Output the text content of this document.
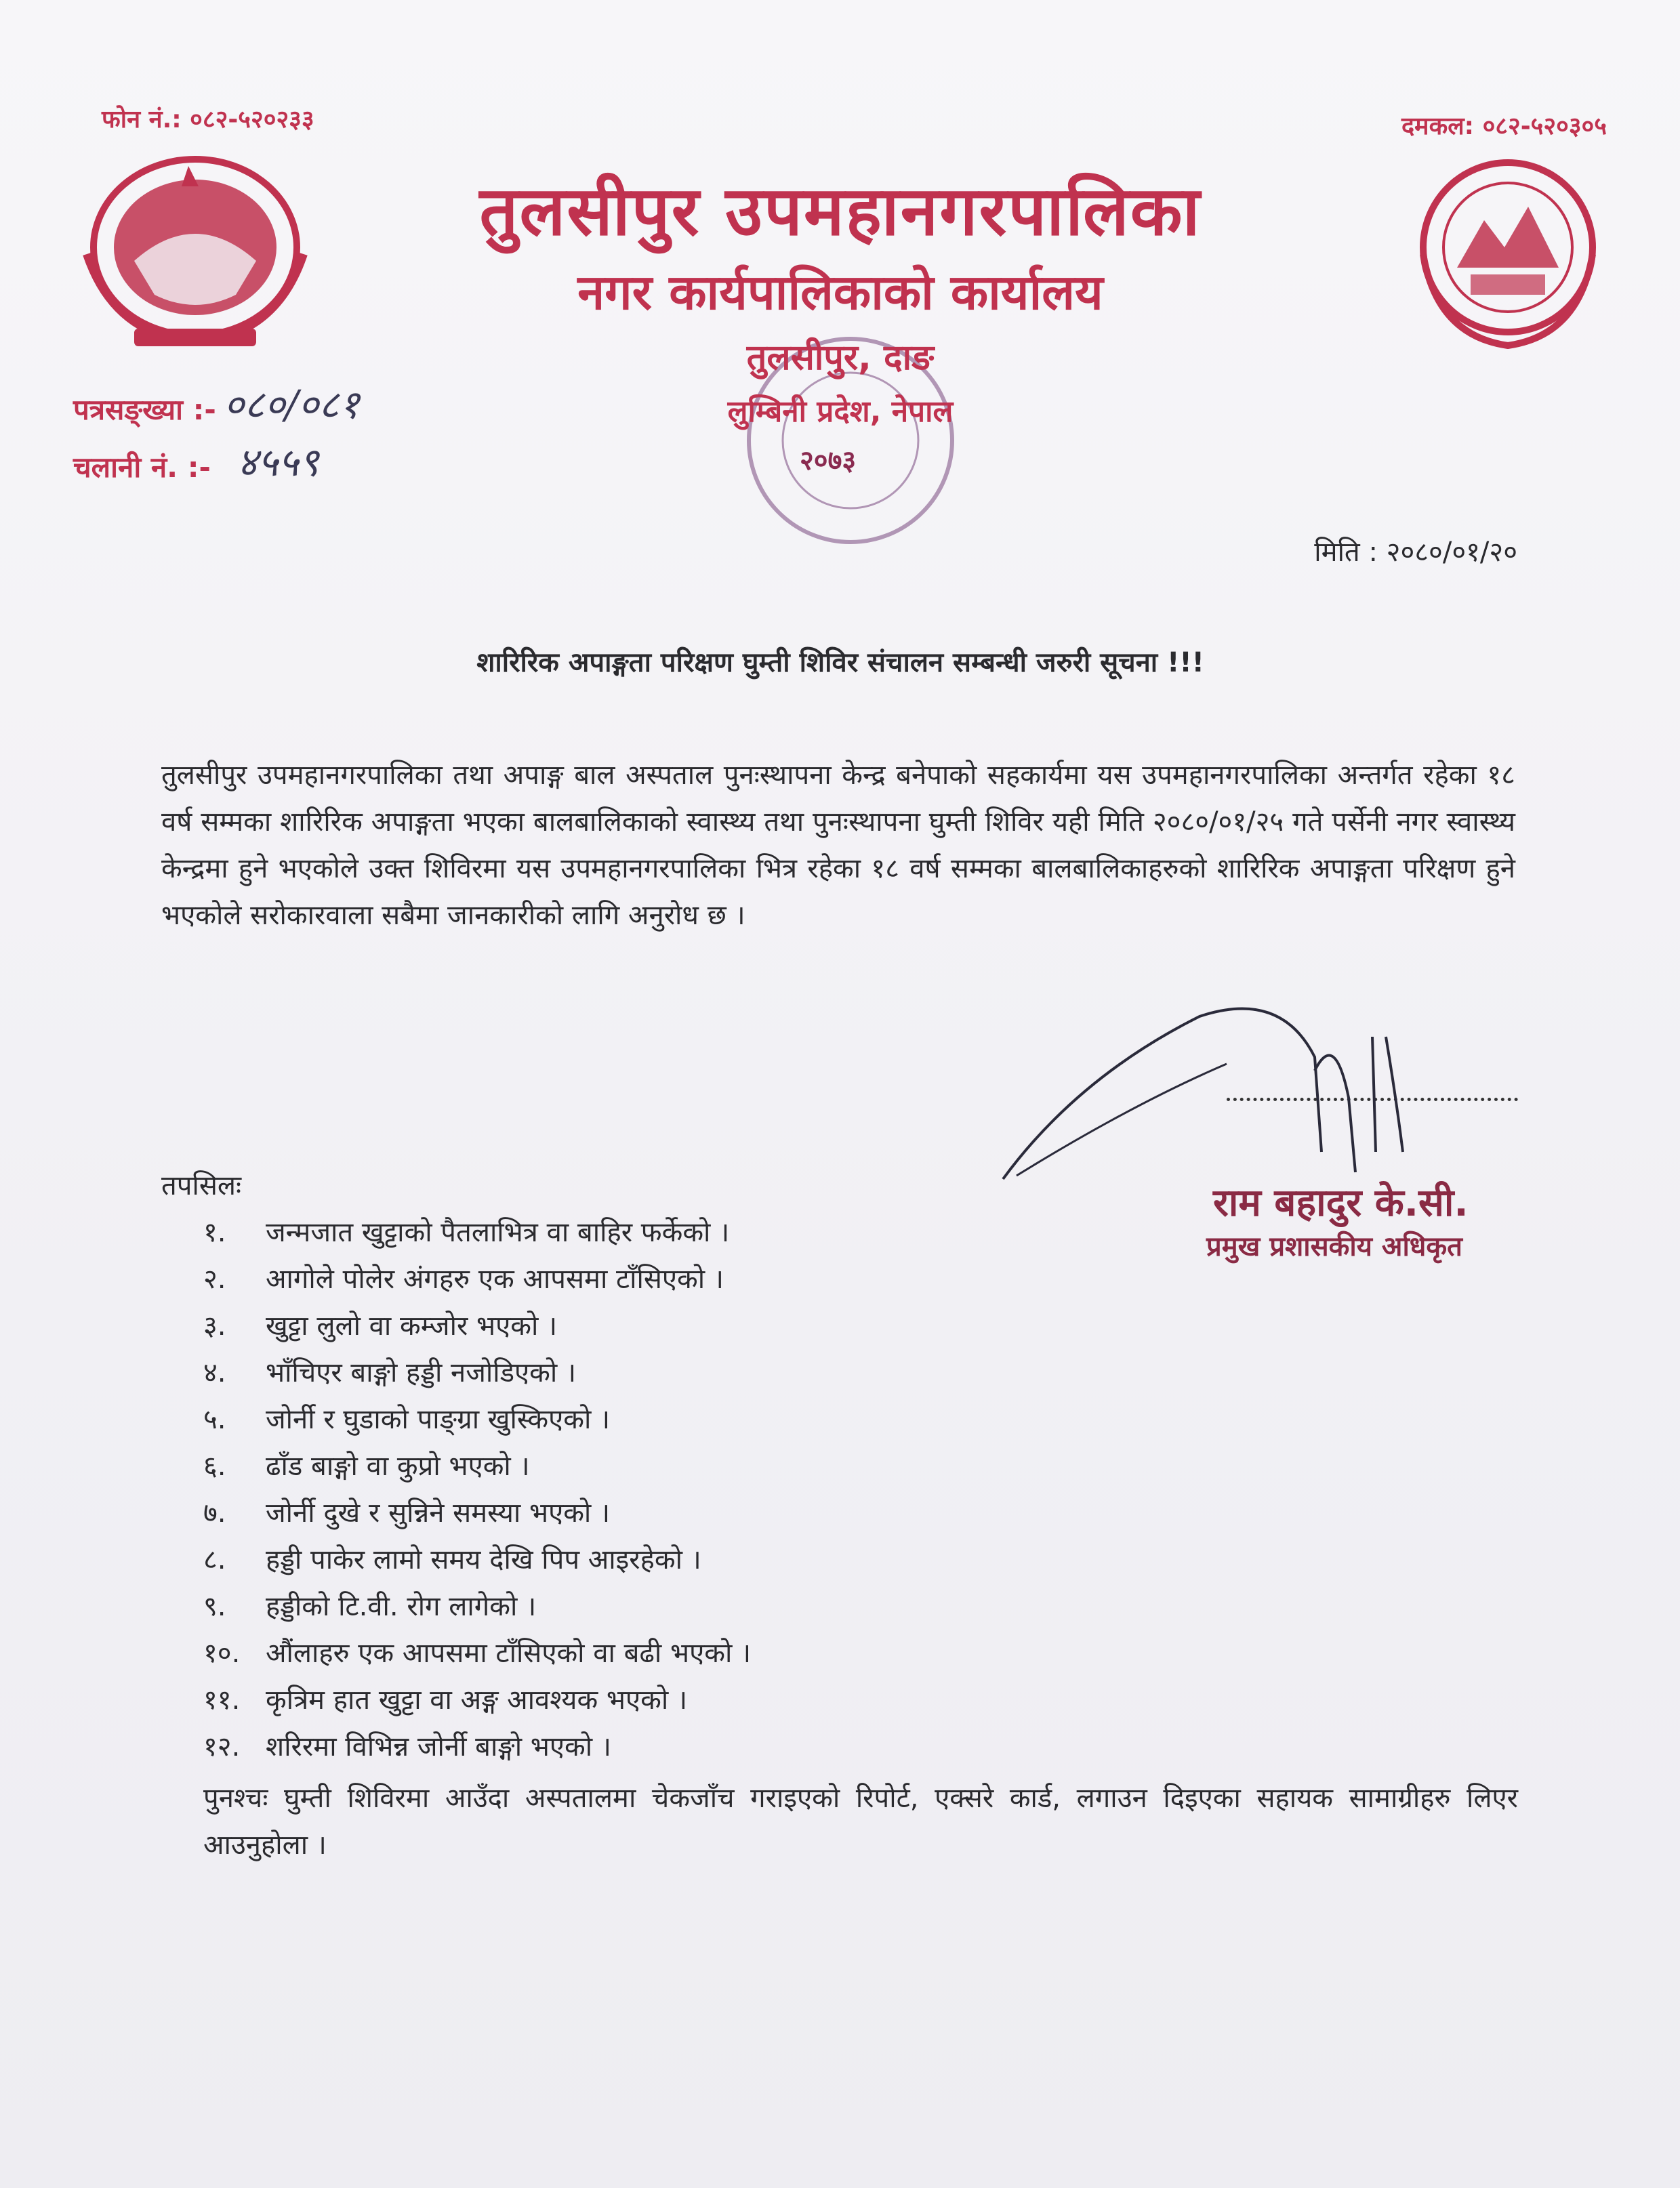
फोन नं.: ०८२-५२०२३३	दमकल: ०८२-५२०३०५
तुलसीपुर उपमहानगरपालिका
नगर कार्यपालिकाको कार्यालय
तुलसीपुर, दाङ
लुम्बिनी प्रदेश, नेपाल
२०७३
पत्रसङ्ख्या :- ०८०/०८१
चलानी नं. :- ४५५९
मिति : २०८०/०१/२०
शारिरिक अपाङ्गता परिक्षण घुम्ती शिविर संचालन सम्बन्धी जरुरी सूचना !!!
तुलसीपुर उपमहानगरपालिका तथा अपाङ्ग बाल अस्पताल पुनःस्थापना केन्द्र बनेपाको सहकार्यमा यस उपमहानगरपालिका अन्तर्गत रहेका १८ वर्ष सम्मका शारिरिक अपाङ्गता भएका बालबालिकाको स्वास्थ्य तथा पुनःस्थापना घुम्ती शिविर यही मिति २०८०/०१/२५ गते पर्सेनी नगर स्वास्थ्य केन्द्रमा हुने भएकोले उक्त शिविरमा यस उपमहानगरपालिका भित्र रहेका १८ वर्ष सम्मका बालबालिकाहरुको शारिरिक अपाङ्गता परिक्षण हुने भएकोले सरोकारवाला सबैमा जानकारीको लागि अनुरोध छ ।
राम बहादुर के.सी.
प्रमुख प्रशासकीय अधिकृत
तपसिलः
१.	जन्मजात खुट्टाको पैतलाभित्र वा बाहिर फर्केको ।
२.	आगोले पोलेर अंगहरु एक आपसमा टाँसिएको ।
३.	खुट्टा लुलो वा कम्जोर भएको ।
४.	भाँचिएर बाङ्गो हड्डी नजोडिएको ।
५.	जोर्नी र घुडाको पाङ्ग्रा खुस्किएको ।
६.	ढाँड बाङ्गो वा कुप्रो भएको ।
७.	जोर्नी दुखे र सुन्निने समस्या भएको ।
८.	हड्डी पाकेर लामो समय देखि पिप आइरहेको ।
९.	हड्डीको टि.वी. रोग लागेको ।
१०. औंलाहरु एक आपसमा टाँसिएको वा बढी भएको ।
११. कृत्रिम हात खुट्टा वा अङ्ग आवश्यक भएको ।
१२. शरिरमा विभिन्न जोर्नी बाङ्गो भएको ।
पुनश्चः घुम्ती शिविरमा आउँदा अस्पतालमा चेकजाँच गराइएको रिपोर्ट, एक्सरे कार्ड, लगाउन दिइएका सहायक सामाग्रीहरु लिएर आउनुहोला ।
